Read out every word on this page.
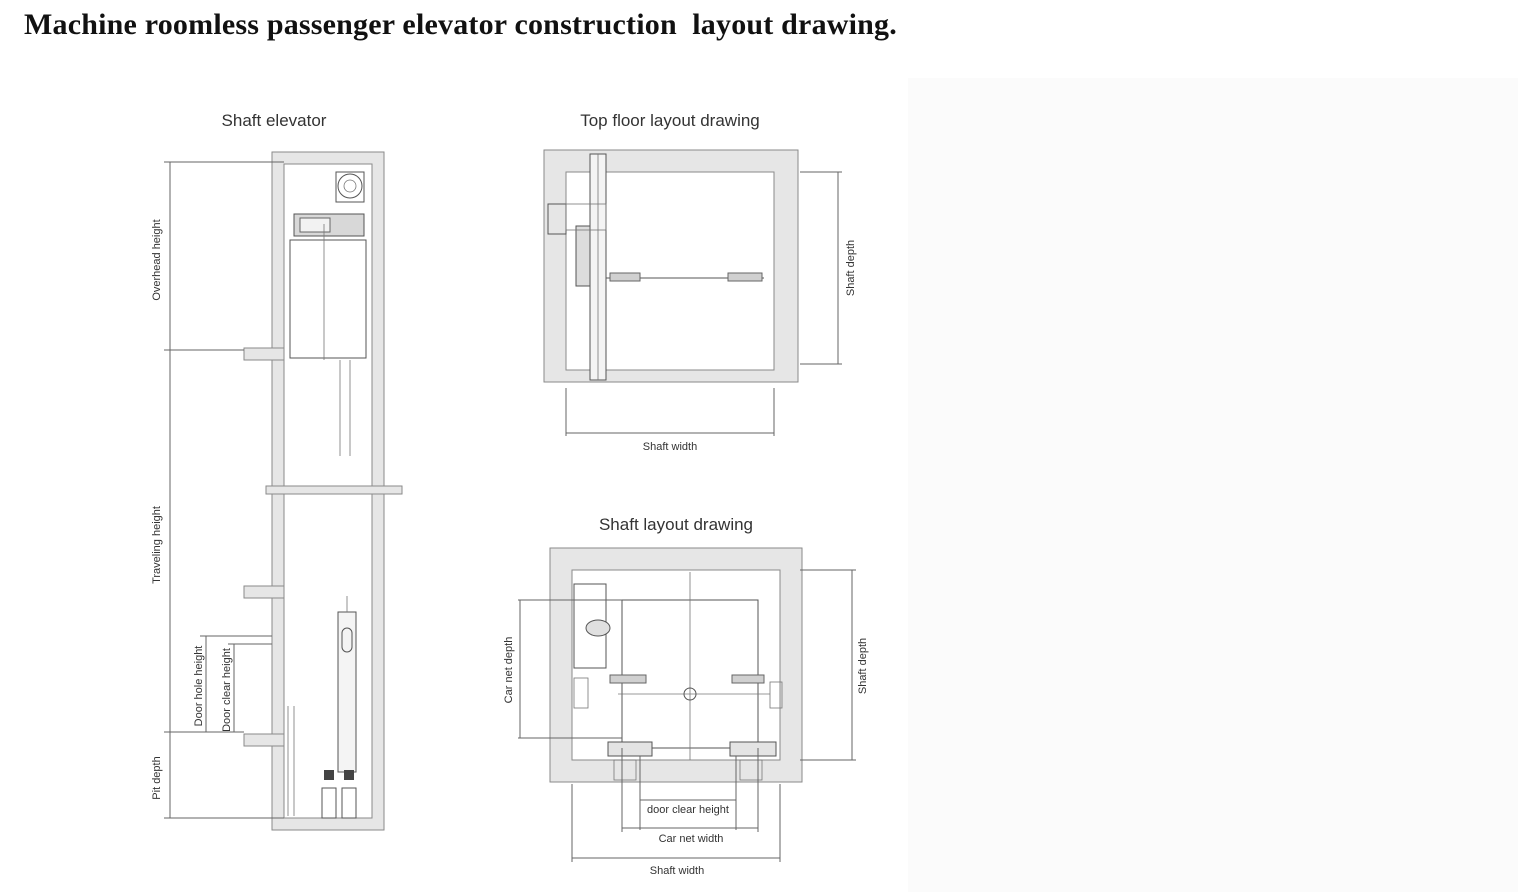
Machine roomless passenger elevator construction  layout drawing.
Shaft elevator
Overhead height
Traveling height
Door hole height Door clear height
Pit depth
Top floor layout drawing
Shaft width
Shaft depth
Shaft layout drawing
door clear height
Car net width
Shaft width
Car net depth	Shaft depth
